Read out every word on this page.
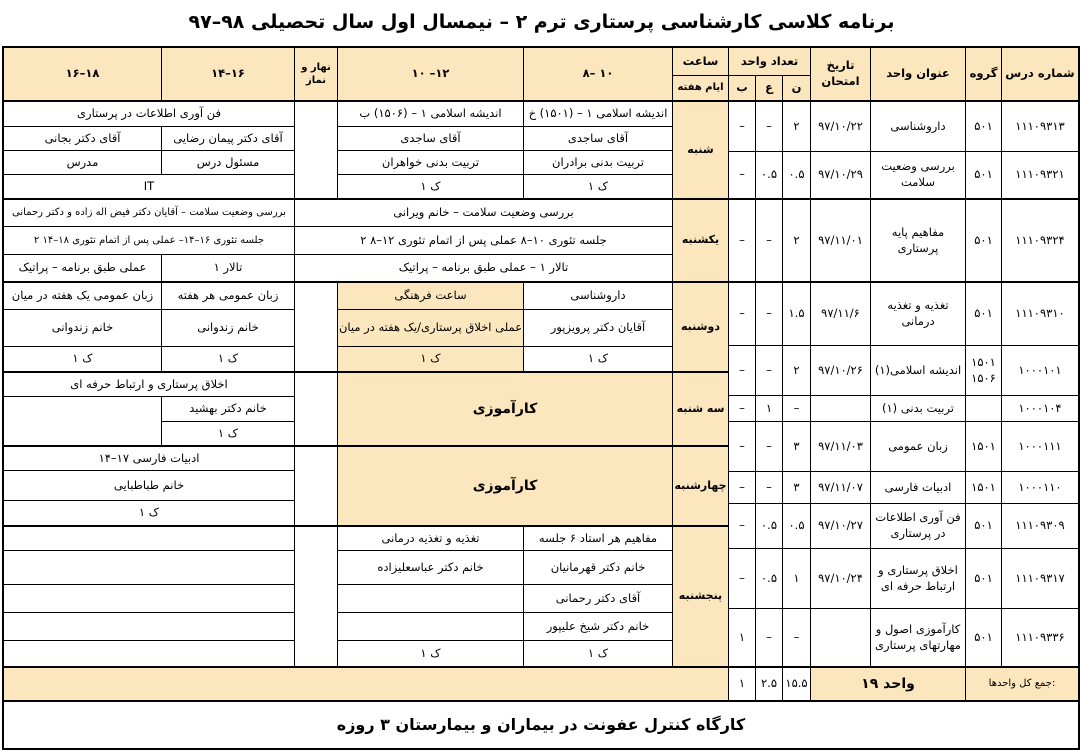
برنامه کلاسی کارشناسی پرستاری ترم ۲ – نیمسال اول سال تحصیلی ۹۸–۹۷
شماره درس
گروه
عنوان واحد
تاریخ امتحان
تعداد واحد
ن
ع
ب
ساعت
ایام هفته
۸– ۱۰
۱۰ –۱۲
نهار و نماز
۱۴–۱۶
۱۶–۱۸
۱۱۱۰۹۳۱۳
۵۰۱
داروشناسی
۹۷/۱۰/۲۲
۲
–
–
۱۱۱۰۹۳۲۱
۵۰۱
بررسی وضعیت سلامت
۹۷/۱۰/۲۹
۰.۵
۰.۵
–
۱۱۱۰۹۳۲۴
۵۰۱
مفاهیم پایه پرستاری
۹۷/۱۱/۰۱
۲
–
–
۱۱۱۰۹۳۱۰
۵۰۱
تغذیه و تغذیه درمانی
۹۷/۱۱/۶
۱.۵
–
–
۱۰۰۰۱۰۱
۱۵۰۱ ۱۵۰۶
اندیشه اسلامی(۱)
۹۷/۱۰/۲۶
۲
–
–
۱۰۰۰۱۰۴
تربیت بدنی (۱)
–
۱
–
۱۰۰۰۱۱۱
۱۵۰۱
زبان عمومی
۹۷/۱۱/۰۳
۳
–
–
۱۰۰۰۱۱۰
۱۵۰۱
ادبیات فارسی
۹۷/۱۱/۰۷
۳
–
–
۱۱۱۰۹۳۰۹
۵۰۱
فن آوری اطلاعات در پرستاری
۹۷/۱۰/۲۷
۰.۵
۰.۵
–
۱۱۱۰۹۳۱۷
۵۰۱
اخلاق پرستاری و ارتباط حرفه ای
۹۷/۱۰/۲۴
۱
۰.۵
–
۱۱۱۰۹۳۳۶
۵۰۱
کارآموزی اصول و مهارتهای پرستاری
–
–
۱
جمع کل واحدها:
۱۹ واحد
۱۵.۵
۲.۵
۱
کارگاه کنترل عفونت در بیماران و بیمارستان ۳ روزه
شنبه
یکشنبه
دوشنبه
سه شنبه
چهارشنبه
پنجشنبه
اندیشه اسلامی ۱ – (۱۵۰۱) خ
آقای ساجدی
تربیت بدنی برادران
ک ۱
اندیشه اسلامی ۱ – (۱۵۰۶) ب
آقای ساجدی
تربیت بدنی خواهران
ک ۱
فن آوری اطلاعات در پرستاری
آقای دکتر پیمان رضایی
آقای دکتر بجانی
مسئول درس
مدرس
IT
بررسی وضعیت سلامت – خانم ویرانی
۲ جلسه تئوری ۱۰–۸ عملی پس از اتمام تئوری ۱۲–۸
تالار ۱ – عملی طبق برنامه – پراتیک
بررسی وضعیت سلامت – آقایان دکتر فیض اله زاده و دکتر رحمانی
۲ جلسه تئوری ۱۶–۱۴– عملی پس از اتمام تئوری ۱۸–۱۴
تالار ۱
عملی طبق برنامه – پراتیک
داروشناسی
آقایان دکتر پرویزپور
ک ۱
ساعت فرهنگی
عملی اخلاق پرستاری/یک هفته در میان
ک ۱
زبان عمومی هر هفته
خانم زندوانی
ک ۱
زبان عمومی یک هفته در میان
خانم زندوانی
ک ۱
کارآموزی
اخلاق پرستاری و ارتباط حرفه ای
خانم دکتر بهشید
ک ۱
کارآموزی
ادبیات فارسی ۱۷–۱۴
خانم طباطبایی
ک ۱
مفاهیم هر استاد ۶ جلسه
خانم دکتر قهرمانیان
آقای دکتر رحمانی
خانم دکتر شیخ علیپور
ک ۱
تغذیه و تغذیه درمانی
خانم دکتر عباسعلیزاده
ک ۱
